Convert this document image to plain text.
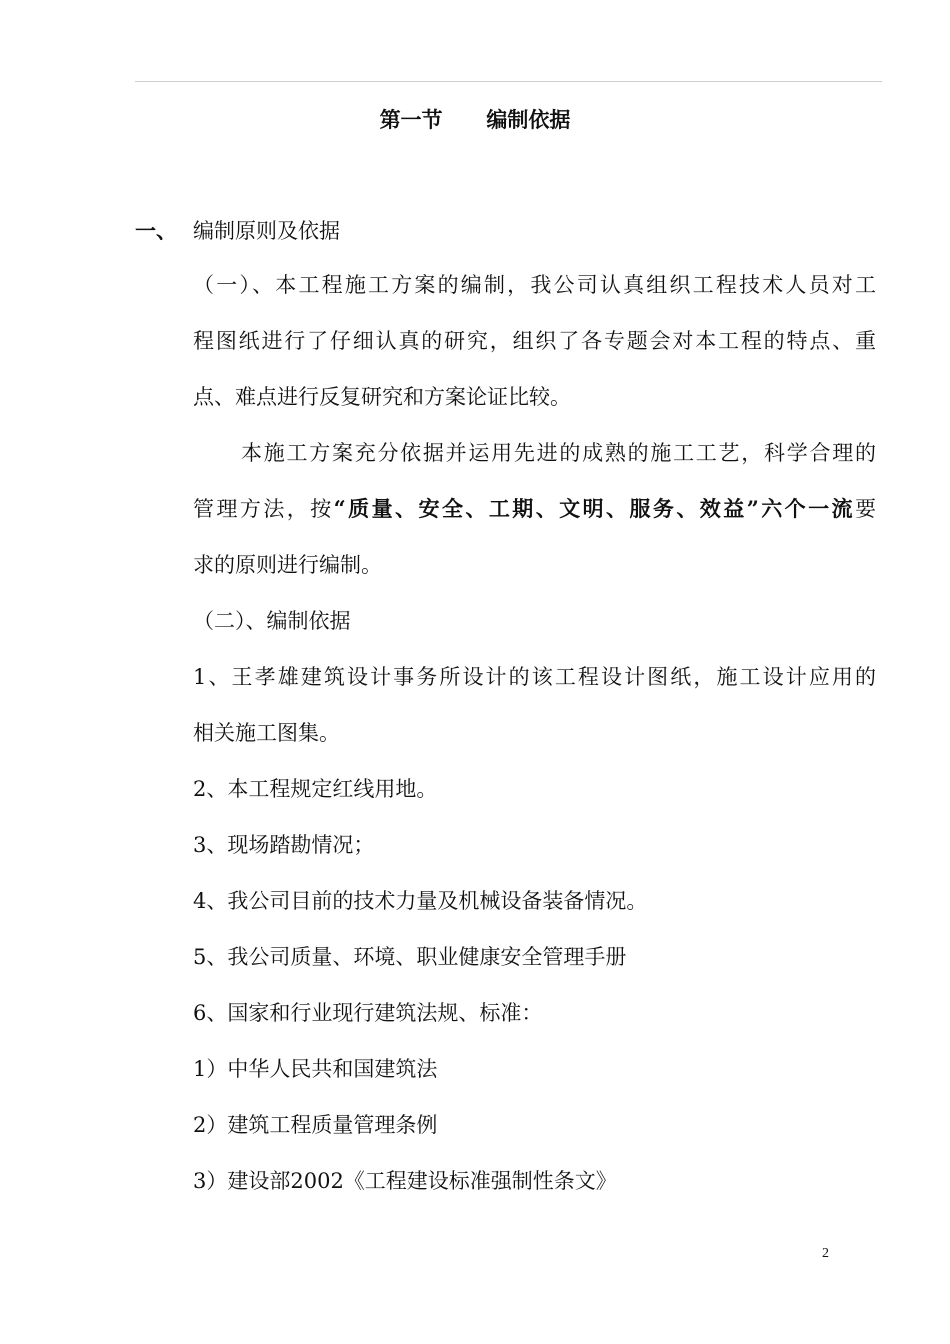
第一节      编制依据
一、 编制原则及依据
（一）、本工程施工方案的编制，我公司认真组织工程技术人员对工
程图纸进行了仔细认真的研究，组织了各专题会对本工程的特点、重
点、难点进行反复研究和方案论证比较。
本施工方案充分依据并运用先进的成熟的施工工艺，科学合理的
管理方法，按“质量、安全、工期、文明、服务、效益”六个一流要
求的原则进行编制。
（二）、编制依据
1、王孝雄建筑设计事务所设计的该工程设计图纸，施工设计应用的
相关施工图集。
2、本工程规定红线用地。
3、现场踏勘情况；
4、我公司目前的技术力量及机械设备装备情况。
5、我公司质量、环境、职业健康安全管理手册
6、国家和行业现行建筑法规、标准：
1）中华人民共和国建筑法
2）建筑工程质量管理条例
3）建设部2002《工程建设标准强制性条文》
2
